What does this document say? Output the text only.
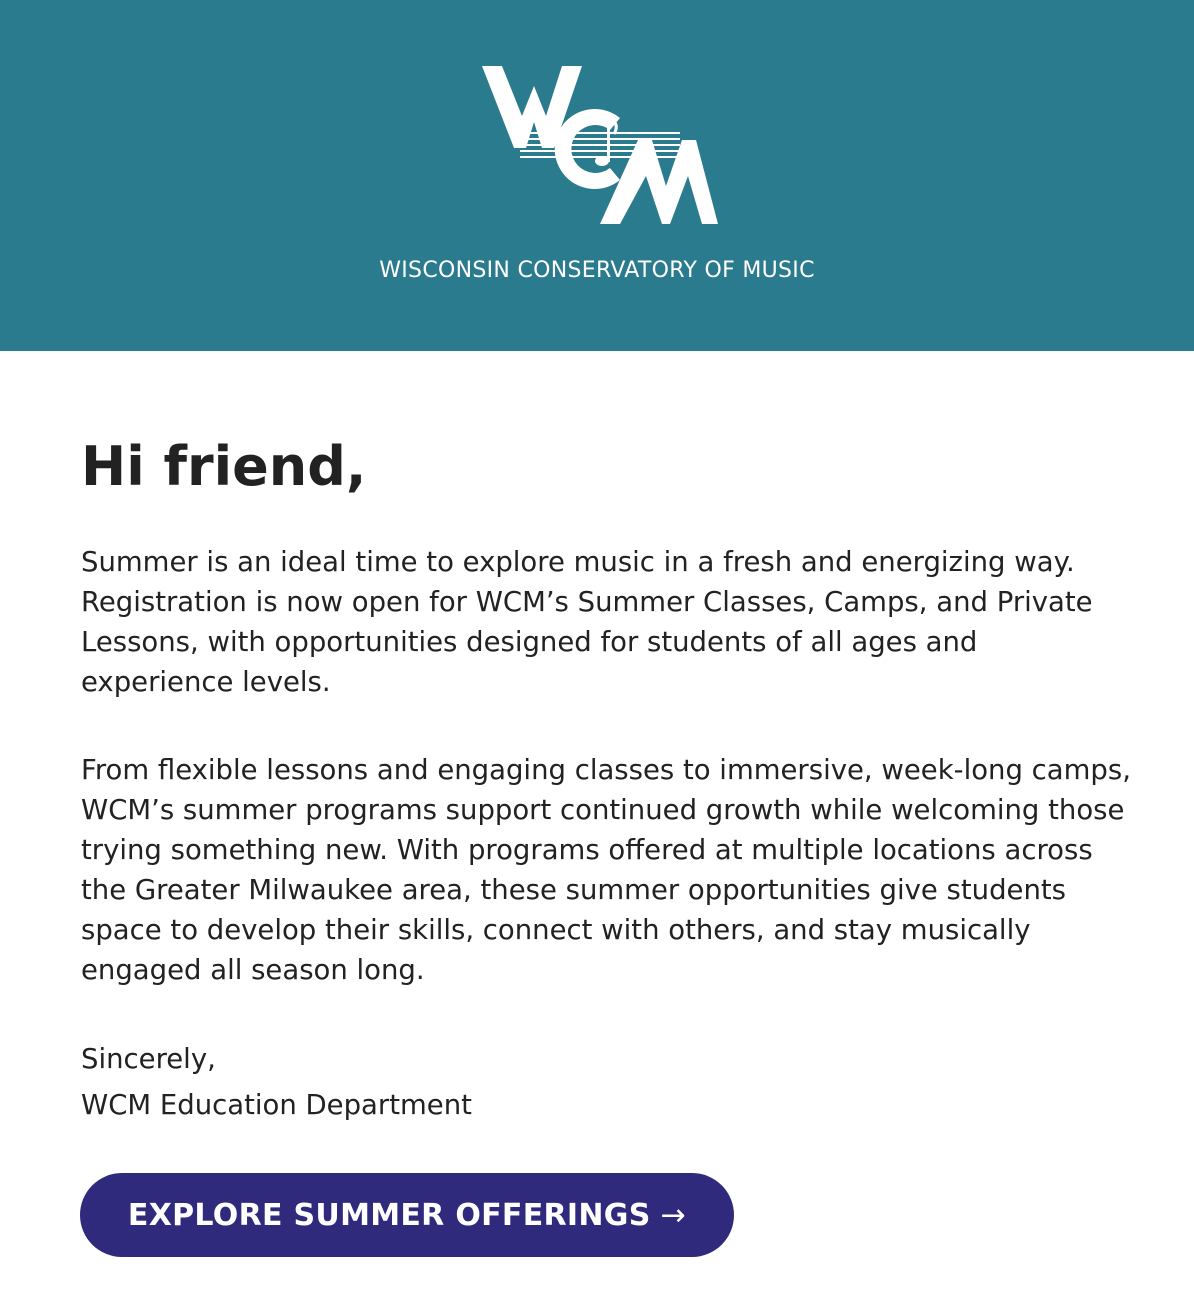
WISCONSIN CONSERVATORY OF MUSIC
Hi friend,

Summer is an ideal time to explore music in a fresh and energizing way. Registration is now open for WCM’s Summer Classes, Camps, and Private Lessons, with opportunities designed for students of all ages and experience levels.

From flexible lessons and engaging classes to immersive, week-long camps, WCM’s summer programs support continued growth while welcoming those trying something new. With programs offered at multiple locations across the Greater Milwaukee area, these summer opportunities give students space to develop their skills, connect with others, and stay musically engaged all season long.

Sincerely,
WCM Education Department
EXPLORE SUMMER OFFERINGS →
